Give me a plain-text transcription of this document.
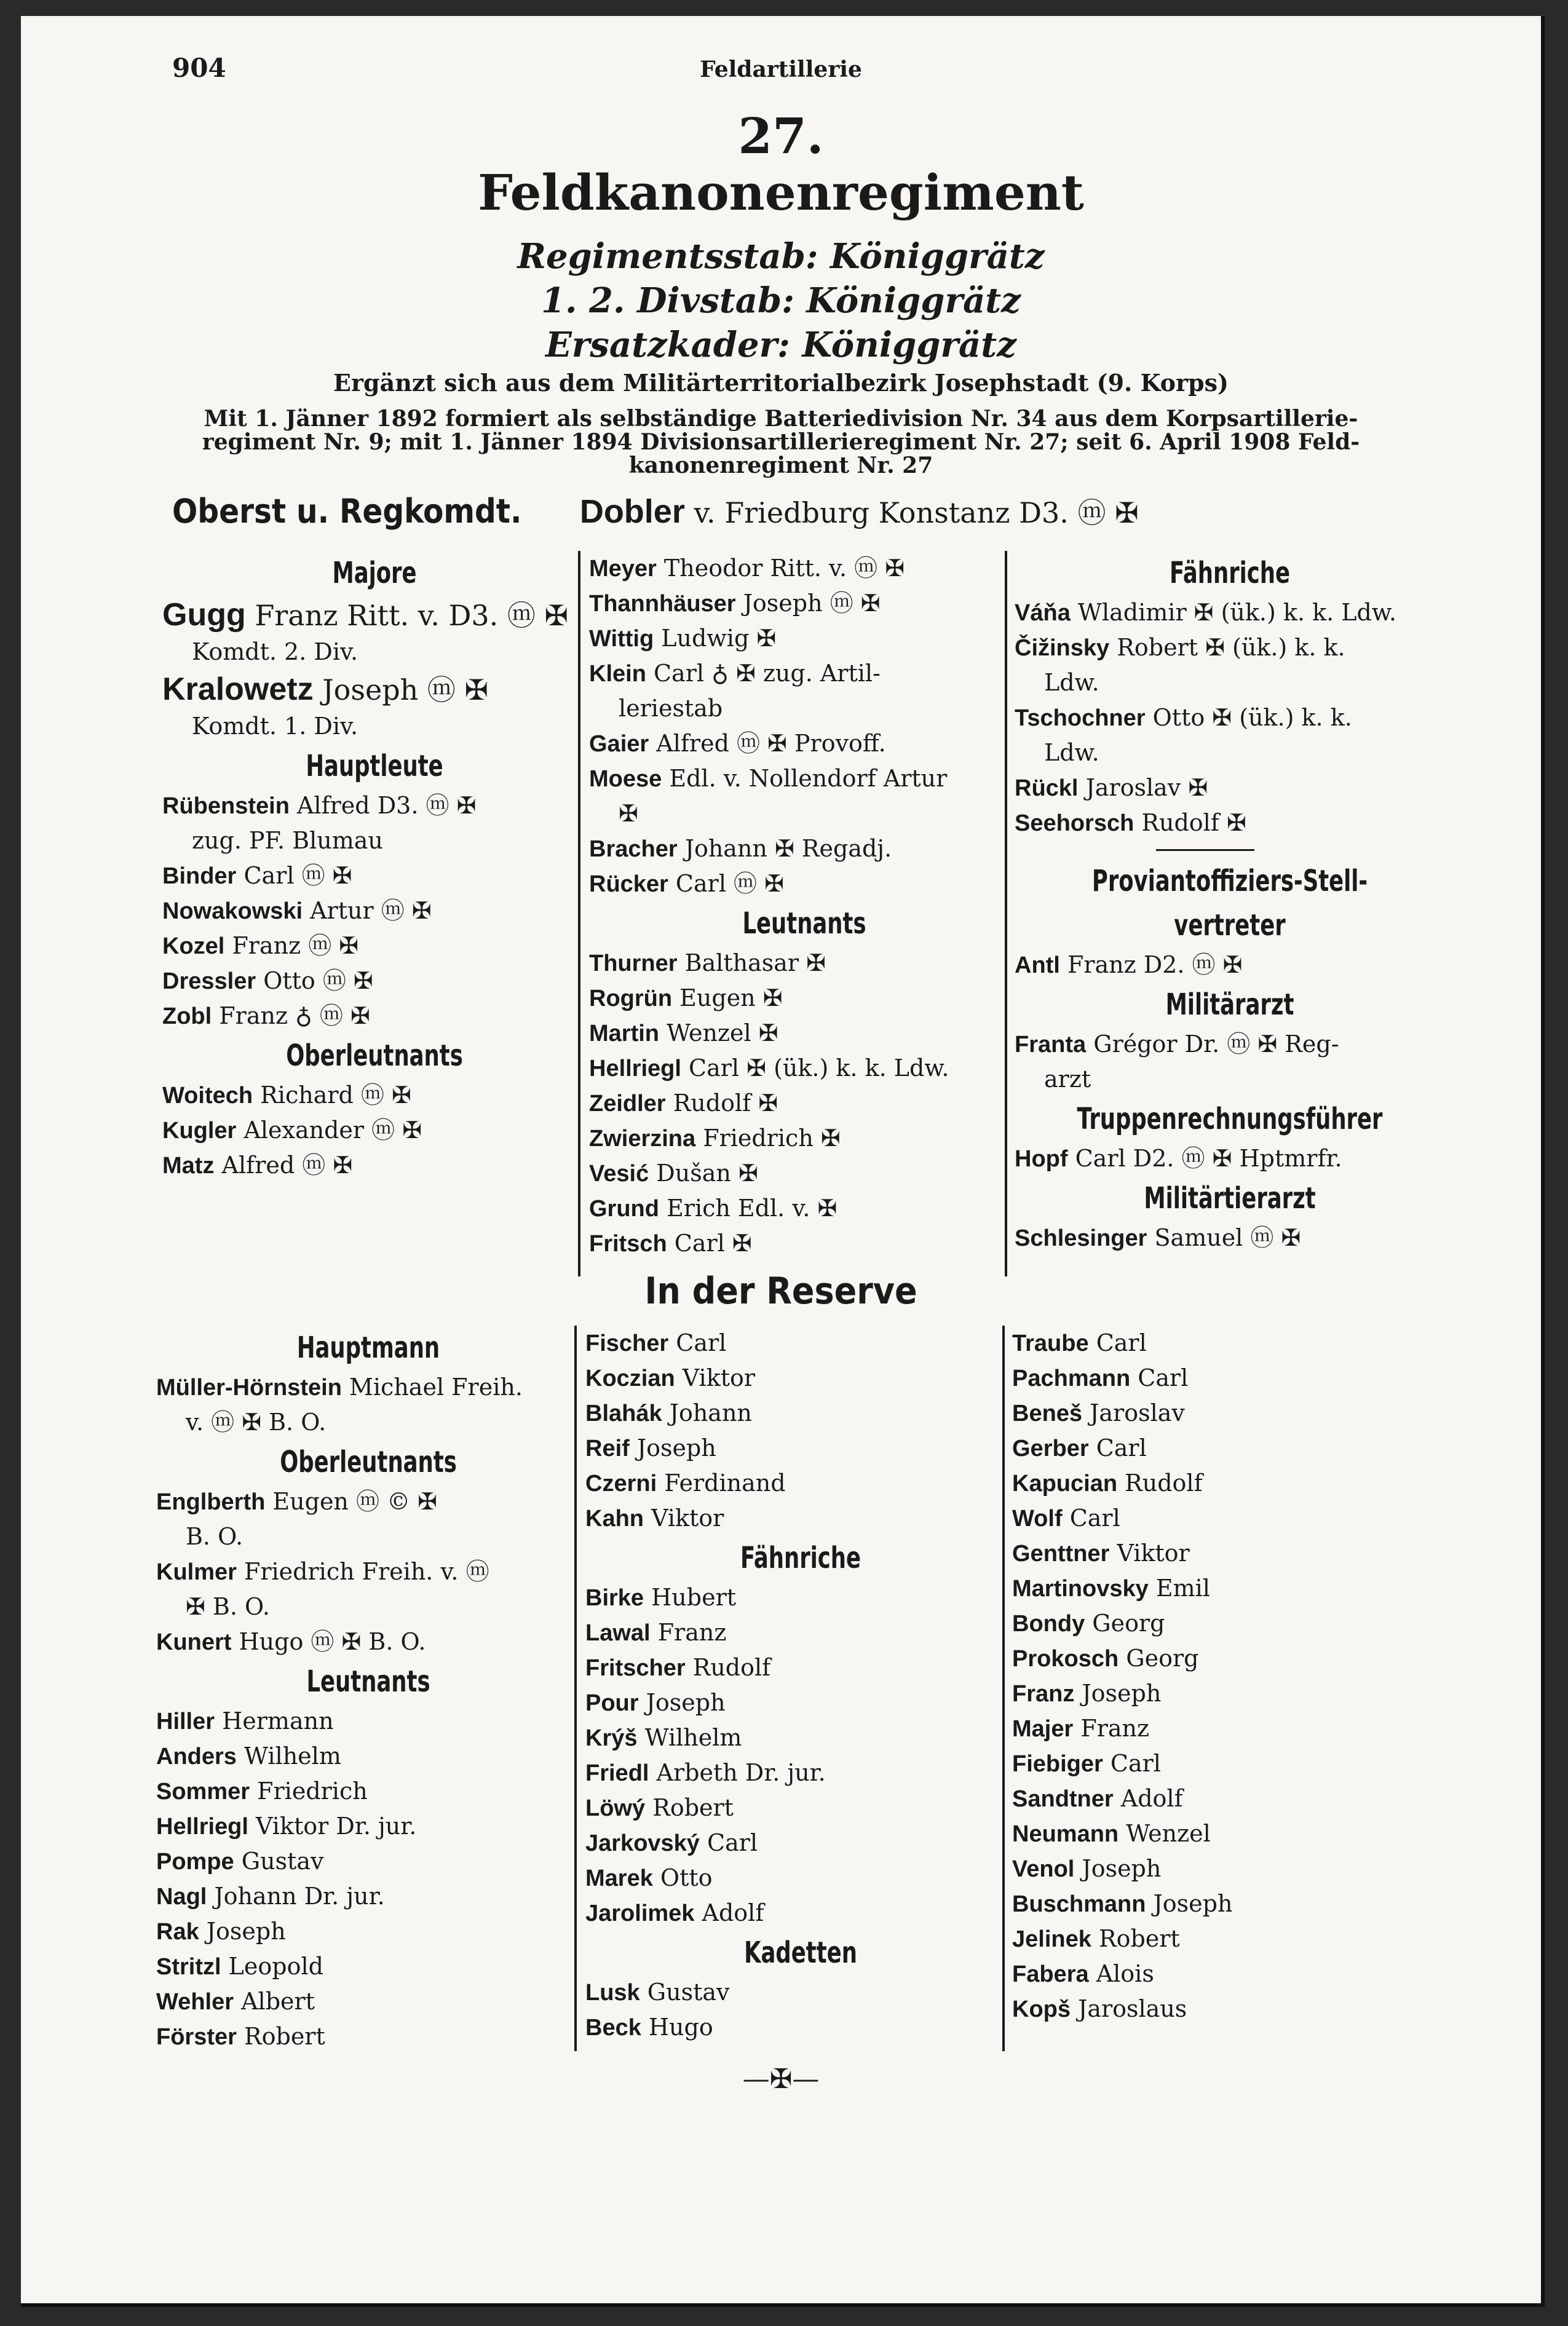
904	Feldartillerie
27.
Feldkanonenregiment
Regimentsstab: Königgrätz
1. 2. Divstab: Königgrätz
Ersatzkader: Königgrätz
Ergänzt sich aus dem Militärterritorialbezirk Josephstadt (9. Korps)
Mit 1. Jänner 1892 formiert als selbständige Batteriedivision Nr. 34 aus dem Korpsartillerie-
regiment Nr. 9; mit 1. Jänner 1894 Divisionsartillerieregiment Nr. 27; seit 6. April 1908 Feld-
kanonenregiment Nr. 27
Oberst u. Regkomdt. Dobler v. Friedburg Konstanz D3. ⓜ ✠
Majore
Gugg Franz Ritt. v. D3. ⓜ ✠
Komdt. 2. Div.
Kralowetz Joseph ⓜ ✠
Komdt. 1. Div.
Hauptleute
Rübenstein Alfred D3. ⓜ ✠
zug. PF. Blumau
Binder Carl ⓜ ✠
Nowakowski Artur ⓜ ✠
Kozel Franz ⓜ ✠
Dressler Otto ⓜ ✠
Zobl Franz ♁ ⓜ ✠
Oberleutnants
Woitech Richard ⓜ ✠
Kugler Alexander ⓜ ✠
Matz Alfred ⓜ ✠
Meyer Theodor Ritt. v. ⓜ ✠
Thannhäuser Joseph ⓜ ✠
Wittig Ludwig ✠
Klein Carl ♁ ✠ zug. Artil-
leriestab
Gaier Alfred ⓜ ✠ Provoff.
Moese Edl. v. Nollendorf Artur
✠
Bracher Johann ✠ Regadj.
Rücker Carl ⓜ ✠
Leutnants
Thurner Balthasar ✠
Rogrün Eugen ✠
Martin Wenzel ✠
Hellriegl Carl ✠ (ük.) k. k. Ldw.
Zeidler Rudolf ✠
Zwierzina Friedrich ✠
Vesić Dušan ✠
Grund Erich Edl. v. ✠
Fritsch Carl ✠
Fähnriche
Váňa Wladimir ✠ (ük.) k. k. Ldw.
Čižinsky Robert ✠ (ük.) k. k.
Ldw.
Tschochner Otto ✠ (ük.) k. k.
Ldw.
Rückl Jaroslav ✠
Seehorsch Rudolf ✠
Proviantoffiziers-Stell-
vertreter
Antl Franz D2. ⓜ ✠
Militärarzt
Franta Grégor Dr. ⓜ ✠ Reg-
arzt
Truppenrechnungsführer
Hopf Carl D2. ⓜ ✠ Hptmrfr.
Militärtierarzt
Schlesinger Samuel ⓜ ✠
In der Reserve
Hauptmann
Müller-Hörnstein Michael Freih.
v. ⓜ ✠ B. O.
Oberleutnants
Englberth Eugen ⓜ © ✠
B. O.
Kulmer Friedrich Freih. v. ⓜ
✠ B. O.
Kunert Hugo ⓜ ✠ B. O.
Leutnants
Hiller Hermann
Anders Wilhelm
Sommer Friedrich
Hellriegl Viktor Dr. jur.
Pompe Gustav
Nagl Johann Dr. jur.
Rak Joseph
Stritzl Leopold
Wehler Albert
Förster Robert
Fischer Carl
Koczian Viktor
Blahák Johann
Reif Joseph
Czerni Ferdinand
Kahn Viktor
Fähnriche
Birke Hubert
Lawal Franz
Fritscher Rudolf
Pour Joseph
Krýš Wilhelm
Friedl Arbeth Dr. jur.
Löwý Robert
Jarkovský Carl
Marek Otto
Jarolimek Adolf
Kadetten
Lusk Gustav
Beck Hugo
Traube Carl
Pachmann Carl
Beneš Jaroslav
Gerber Carl
Kapucian Rudolf
Wolf Carl
Genttner Viktor
Martinovsky Emil
Bondy Georg
Prokosch Georg
Franz Joseph
Majer Franz
Fiebiger Carl
Sandtner Adolf
Neumann Wenzel
Venol Joseph
Buschmann Joseph
Jelinek Robert
Fabera Alois
Kopš Jaroslaus
—✠—
